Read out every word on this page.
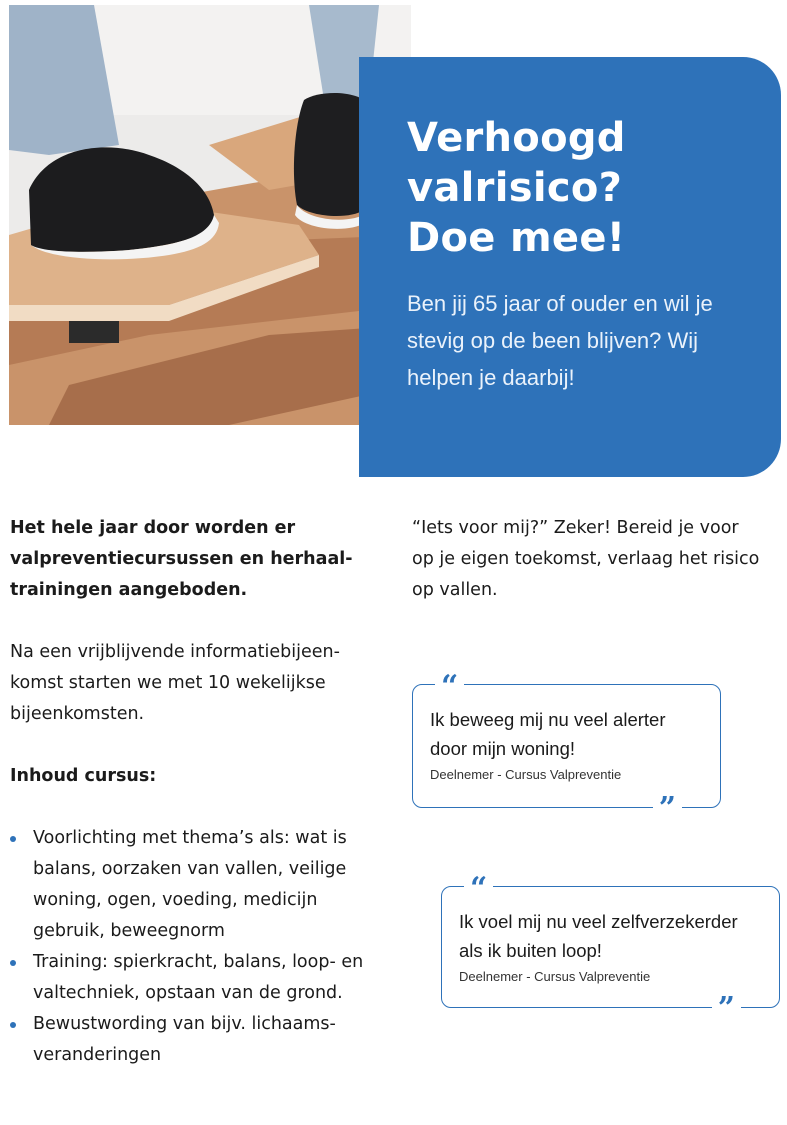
Verhoogd valrisico? Doe mee!

Ben jij 65 jaar of ouder en wil je stevig op de been blijven? Wij helpen je daarbij!

Het hele jaar door worden er valpreventiecursussen en herhaal-trainingen aangeboden.

Na een vrijblijvende informatiebijeen-komst starten we met 10 wekelijkse bijeenkomsten.

Inhoud cursus:

Voorlichting met thema’s als: wat is balans, oorzaken van vallen, veilige woning, ogen, voeding, medicijn gebruik, beweegnorm
Training: spierkracht, balans, loop- en valtechniek, opstaan van de grond.
Bewustwording van bijv. lichaams-veranderingen

“Iets voor mij?” Zeker! Bereid je voor op je eigen toekomst, verlaag het risico op vallen.

“

Ik beweeg mij nu veel alerter door mijn woning!

Deelnemer - Cursus Valpreventie

”
“

Ik voel mij nu veel zelfverzekerder als ik buiten loop!

Deelnemer - Cursus Valpreventie

”
